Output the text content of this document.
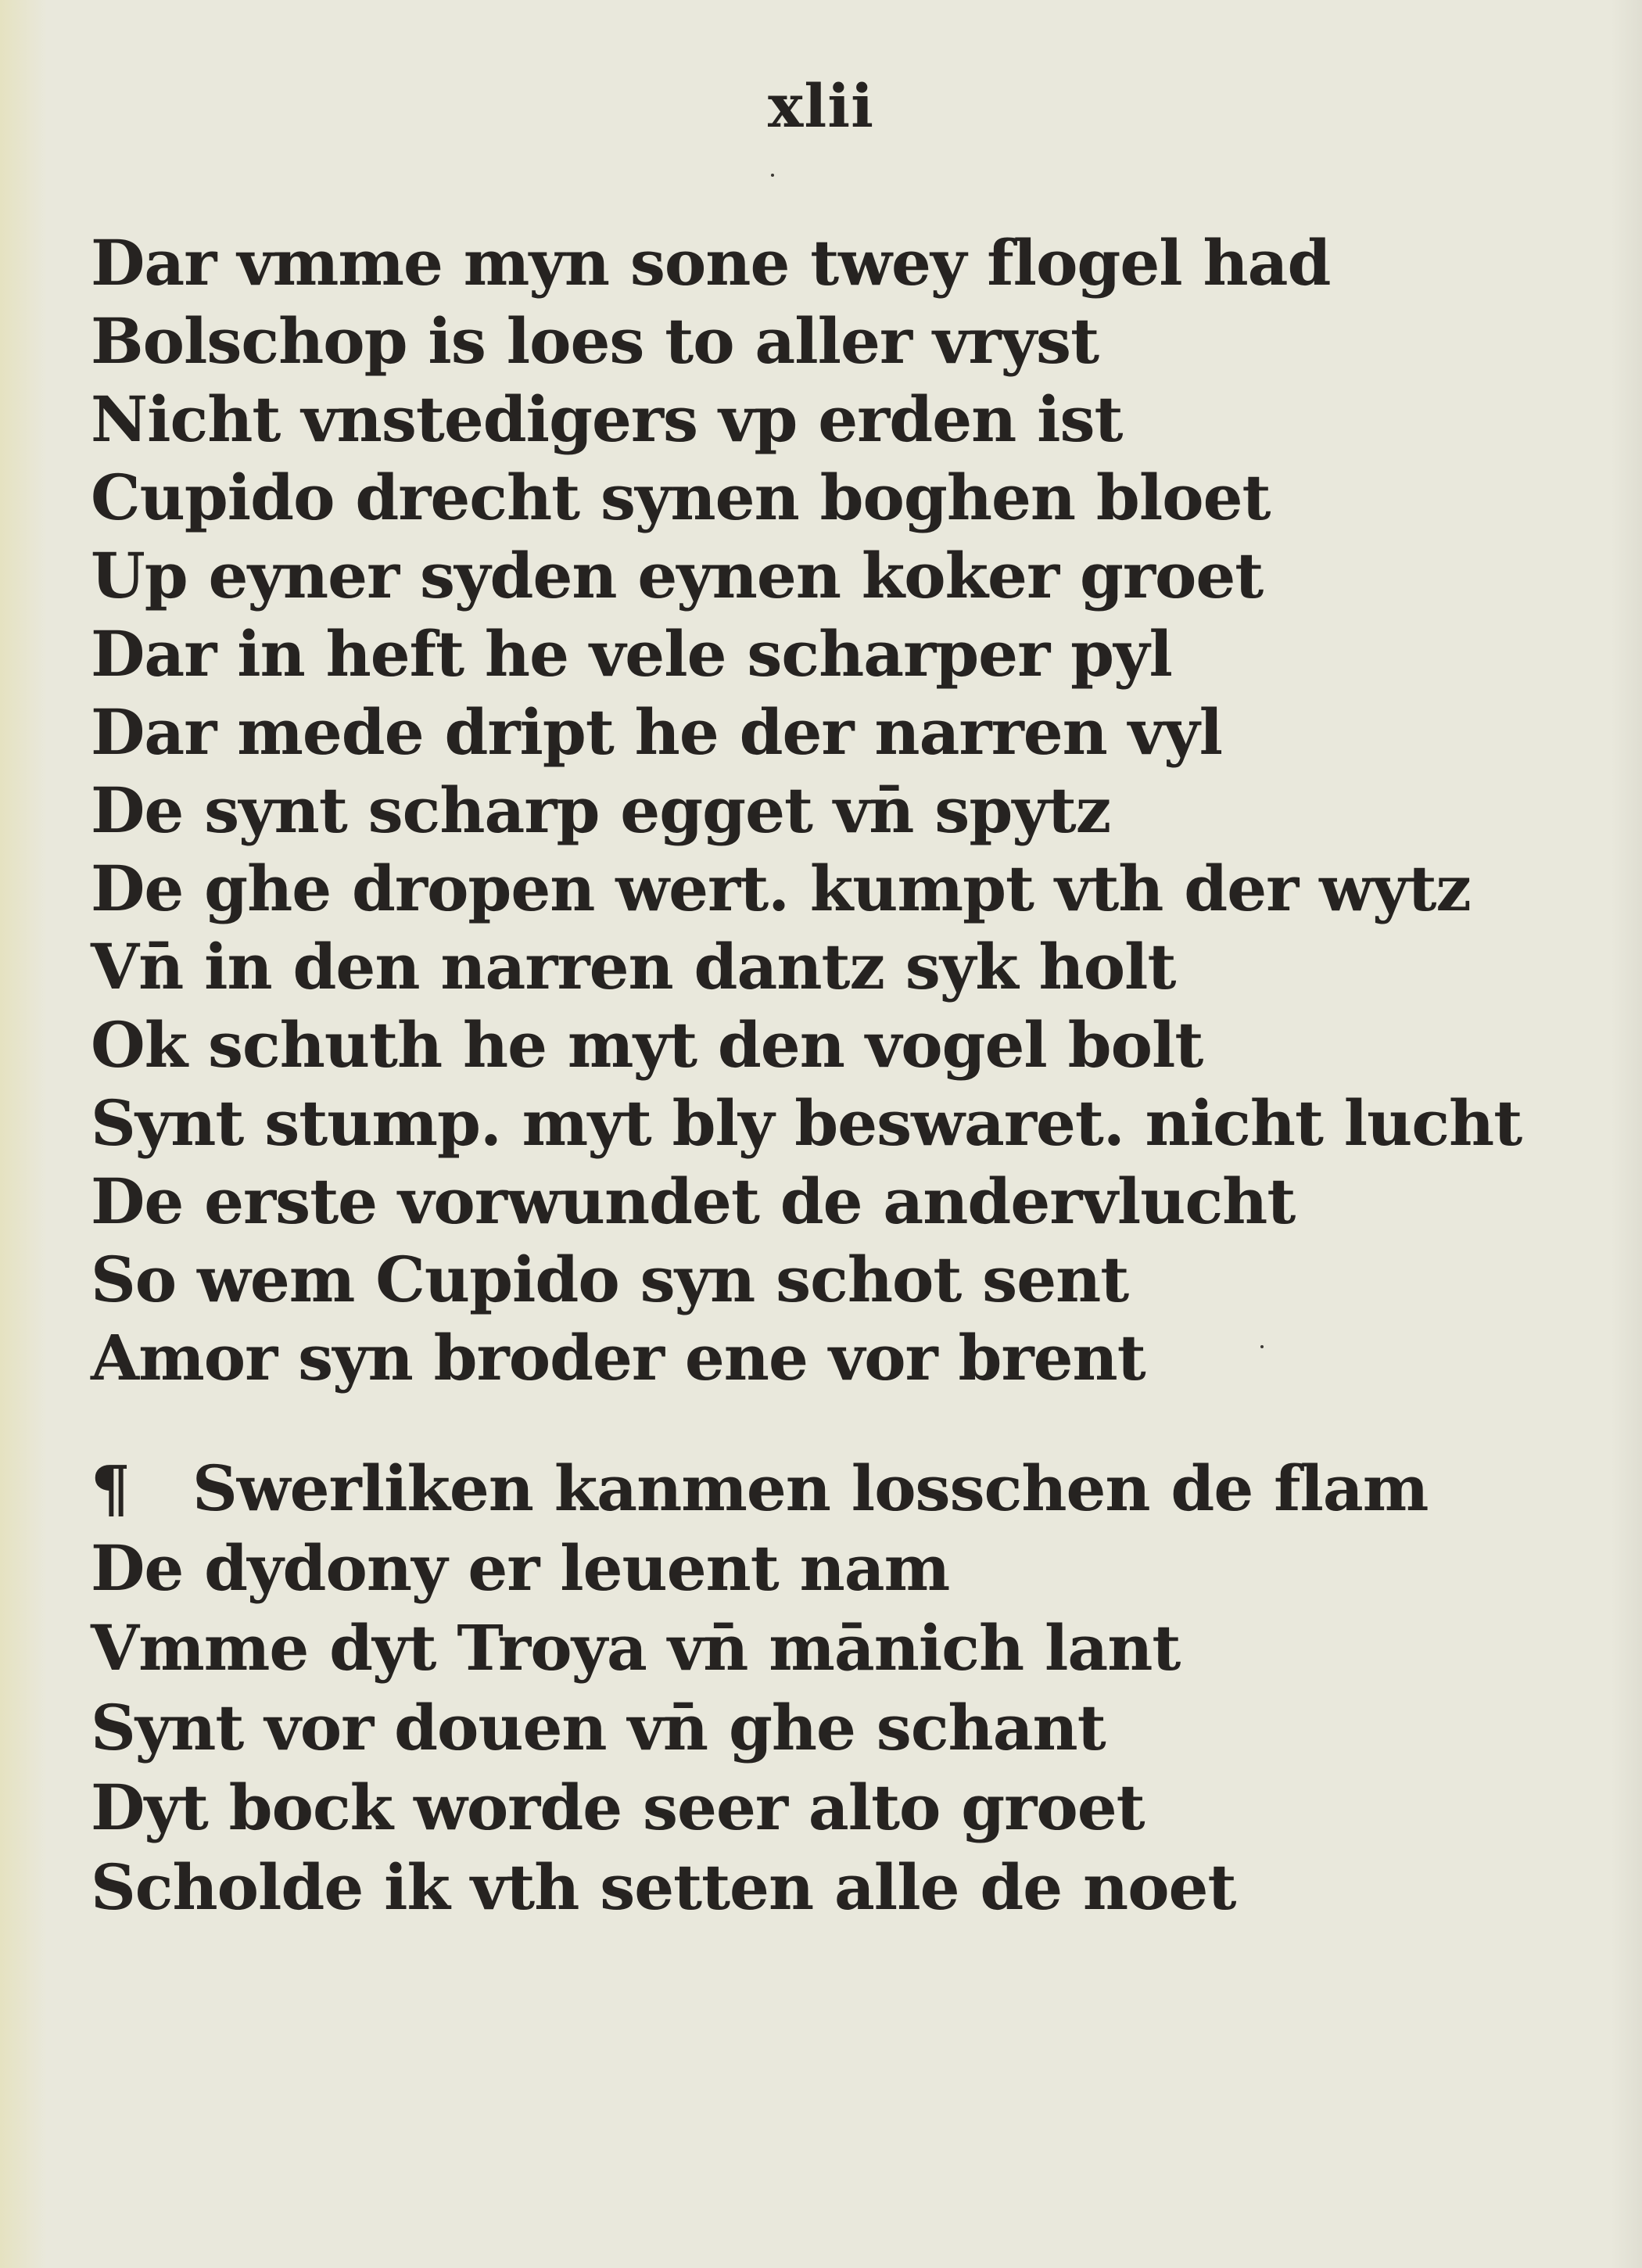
xlii
Dar vmme myn sone twey flogel had
Bolschop is loes to aller vryst
Nicht vnstedigers vp erden ist
Cupido drecht synen boghen bloet
Up eyner syden eynen koker groet
Dar in heft he vele scharper pyl
Dar mede dript he der narren vyl
De synt scharp egget vn̄ spytz
De ghe dropen wert. kumpt vth der wytz
Vn̄ in den narren dantz syk holt
Ok schuth he myt den vogel bolt
Synt stump. myt bly beswaret. nicht lucht
De erste vorwundet de andervlucht
So wem Cupido syn schot sent
Amor syn broder ene vor brent
¶ Swerliken kanmen losschen de flam
De dydony er leuent nam
Vmme dyt Troya vn̄ mānich lant
Synt vor douen vn̄ ghe schant
Dyt bock worde seer alto groet
Scholde ik vth setten alle de noet
